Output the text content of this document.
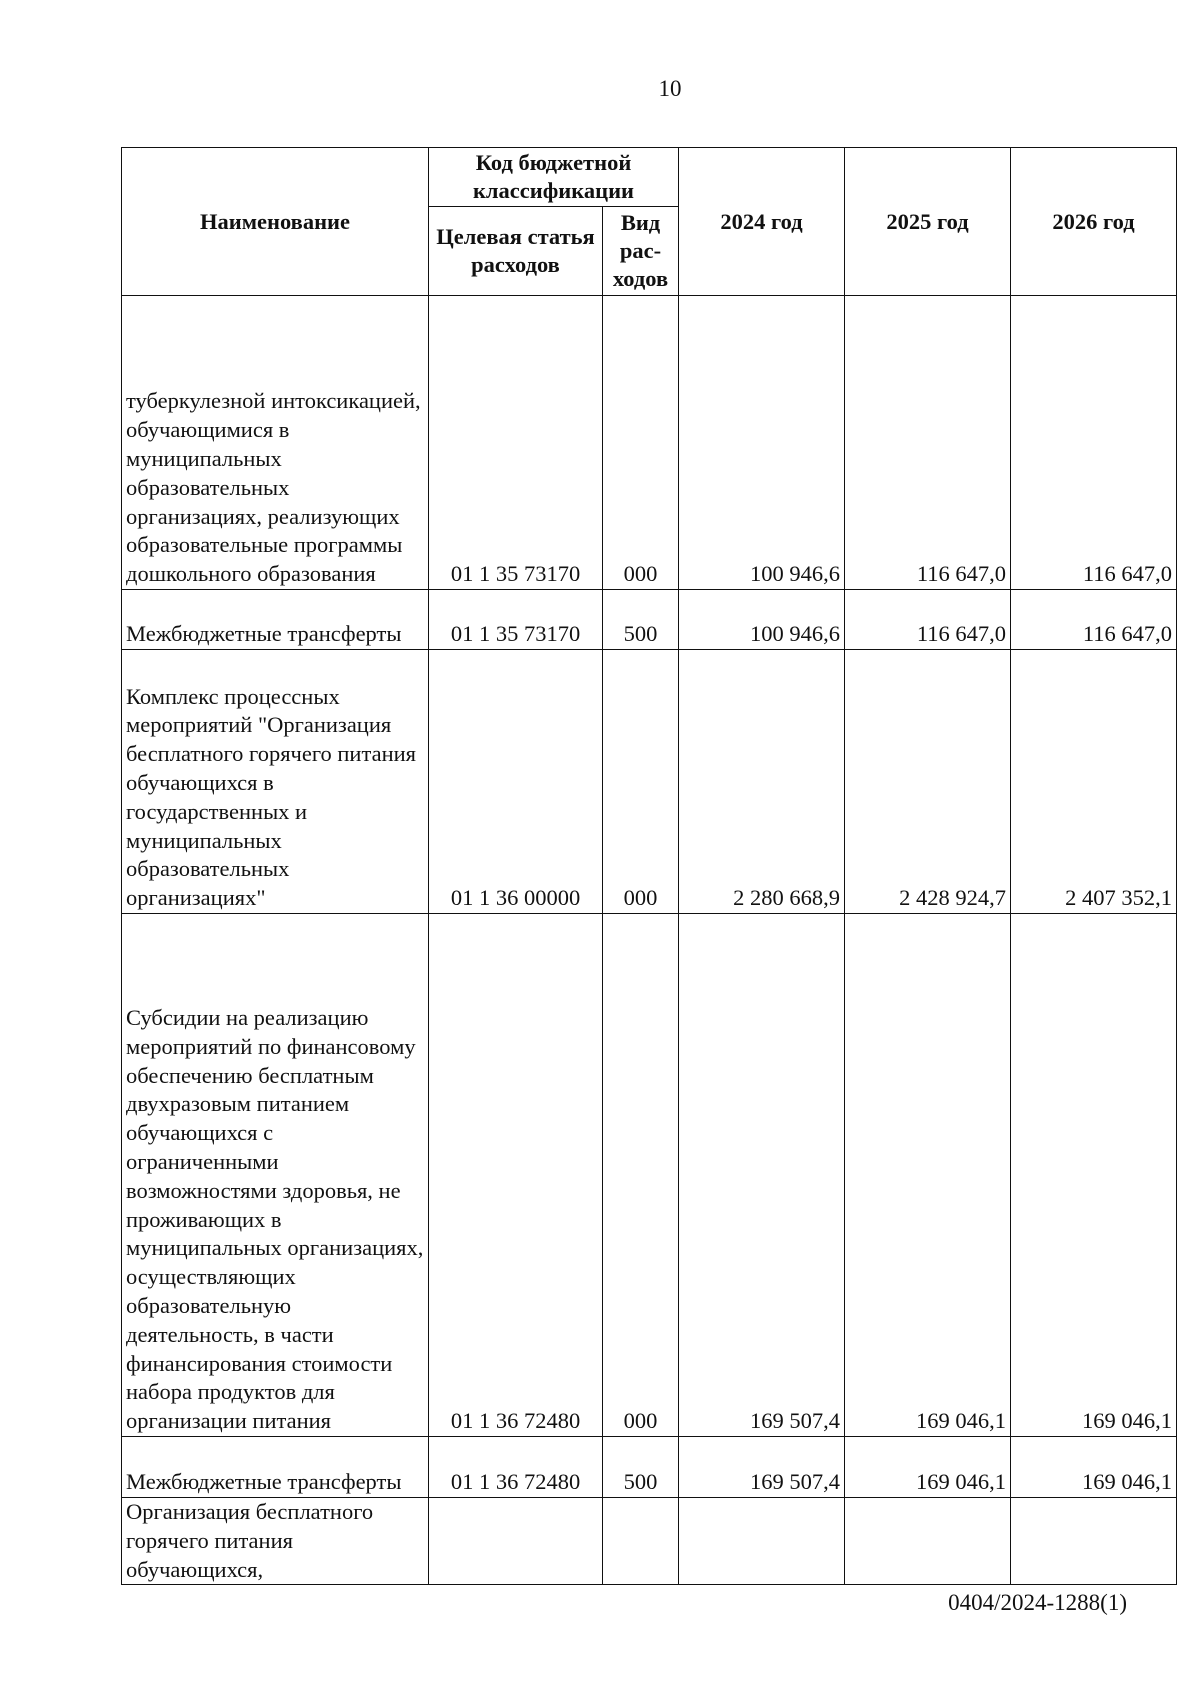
10
Наименование	Код бюджетной классификации		2024 год	2025 год	2026 год
	Целевая статья расходов	Вид рас-ходов			
туберкулезной интоксикацией, обучающимися в муниципальных образовательных организациях, реализующих образовательные программы дошкольного образования	01 1 35 73170	000	100 946,6	116 647,0	116 647,0
Межбюджетные трансферты	01 1 35 73170	500	100 946,6	116 647,0	116 647,0
Комплекс процессных мероприятий "Организация бесплатного горячего питания обучающихся в государственных и муниципальных образовательных организациях"	01 1 36 00000	000	2 280 668,9	2 428 924,7	2 407 352,1
Субсидии на реализацию мероприятий по финансовому обеспечению бесплатным двухразовым питанием обучающихся с ограниченными возможностями здоровья, не проживающих в муниципальных организациях, осуществляющих образовательную деятельность, в части финансирования стоимости набора продуктов для организации питания	01 1 36 72480	000	169 507,4	169 046,1	169 046,1
Межбюджетные трансферты	01 1 36 72480	500	169 507,4	169 046,1	169 046,1
Организация бесплатного горячего питания обучающихся,					
0404/2024-1288(1)
